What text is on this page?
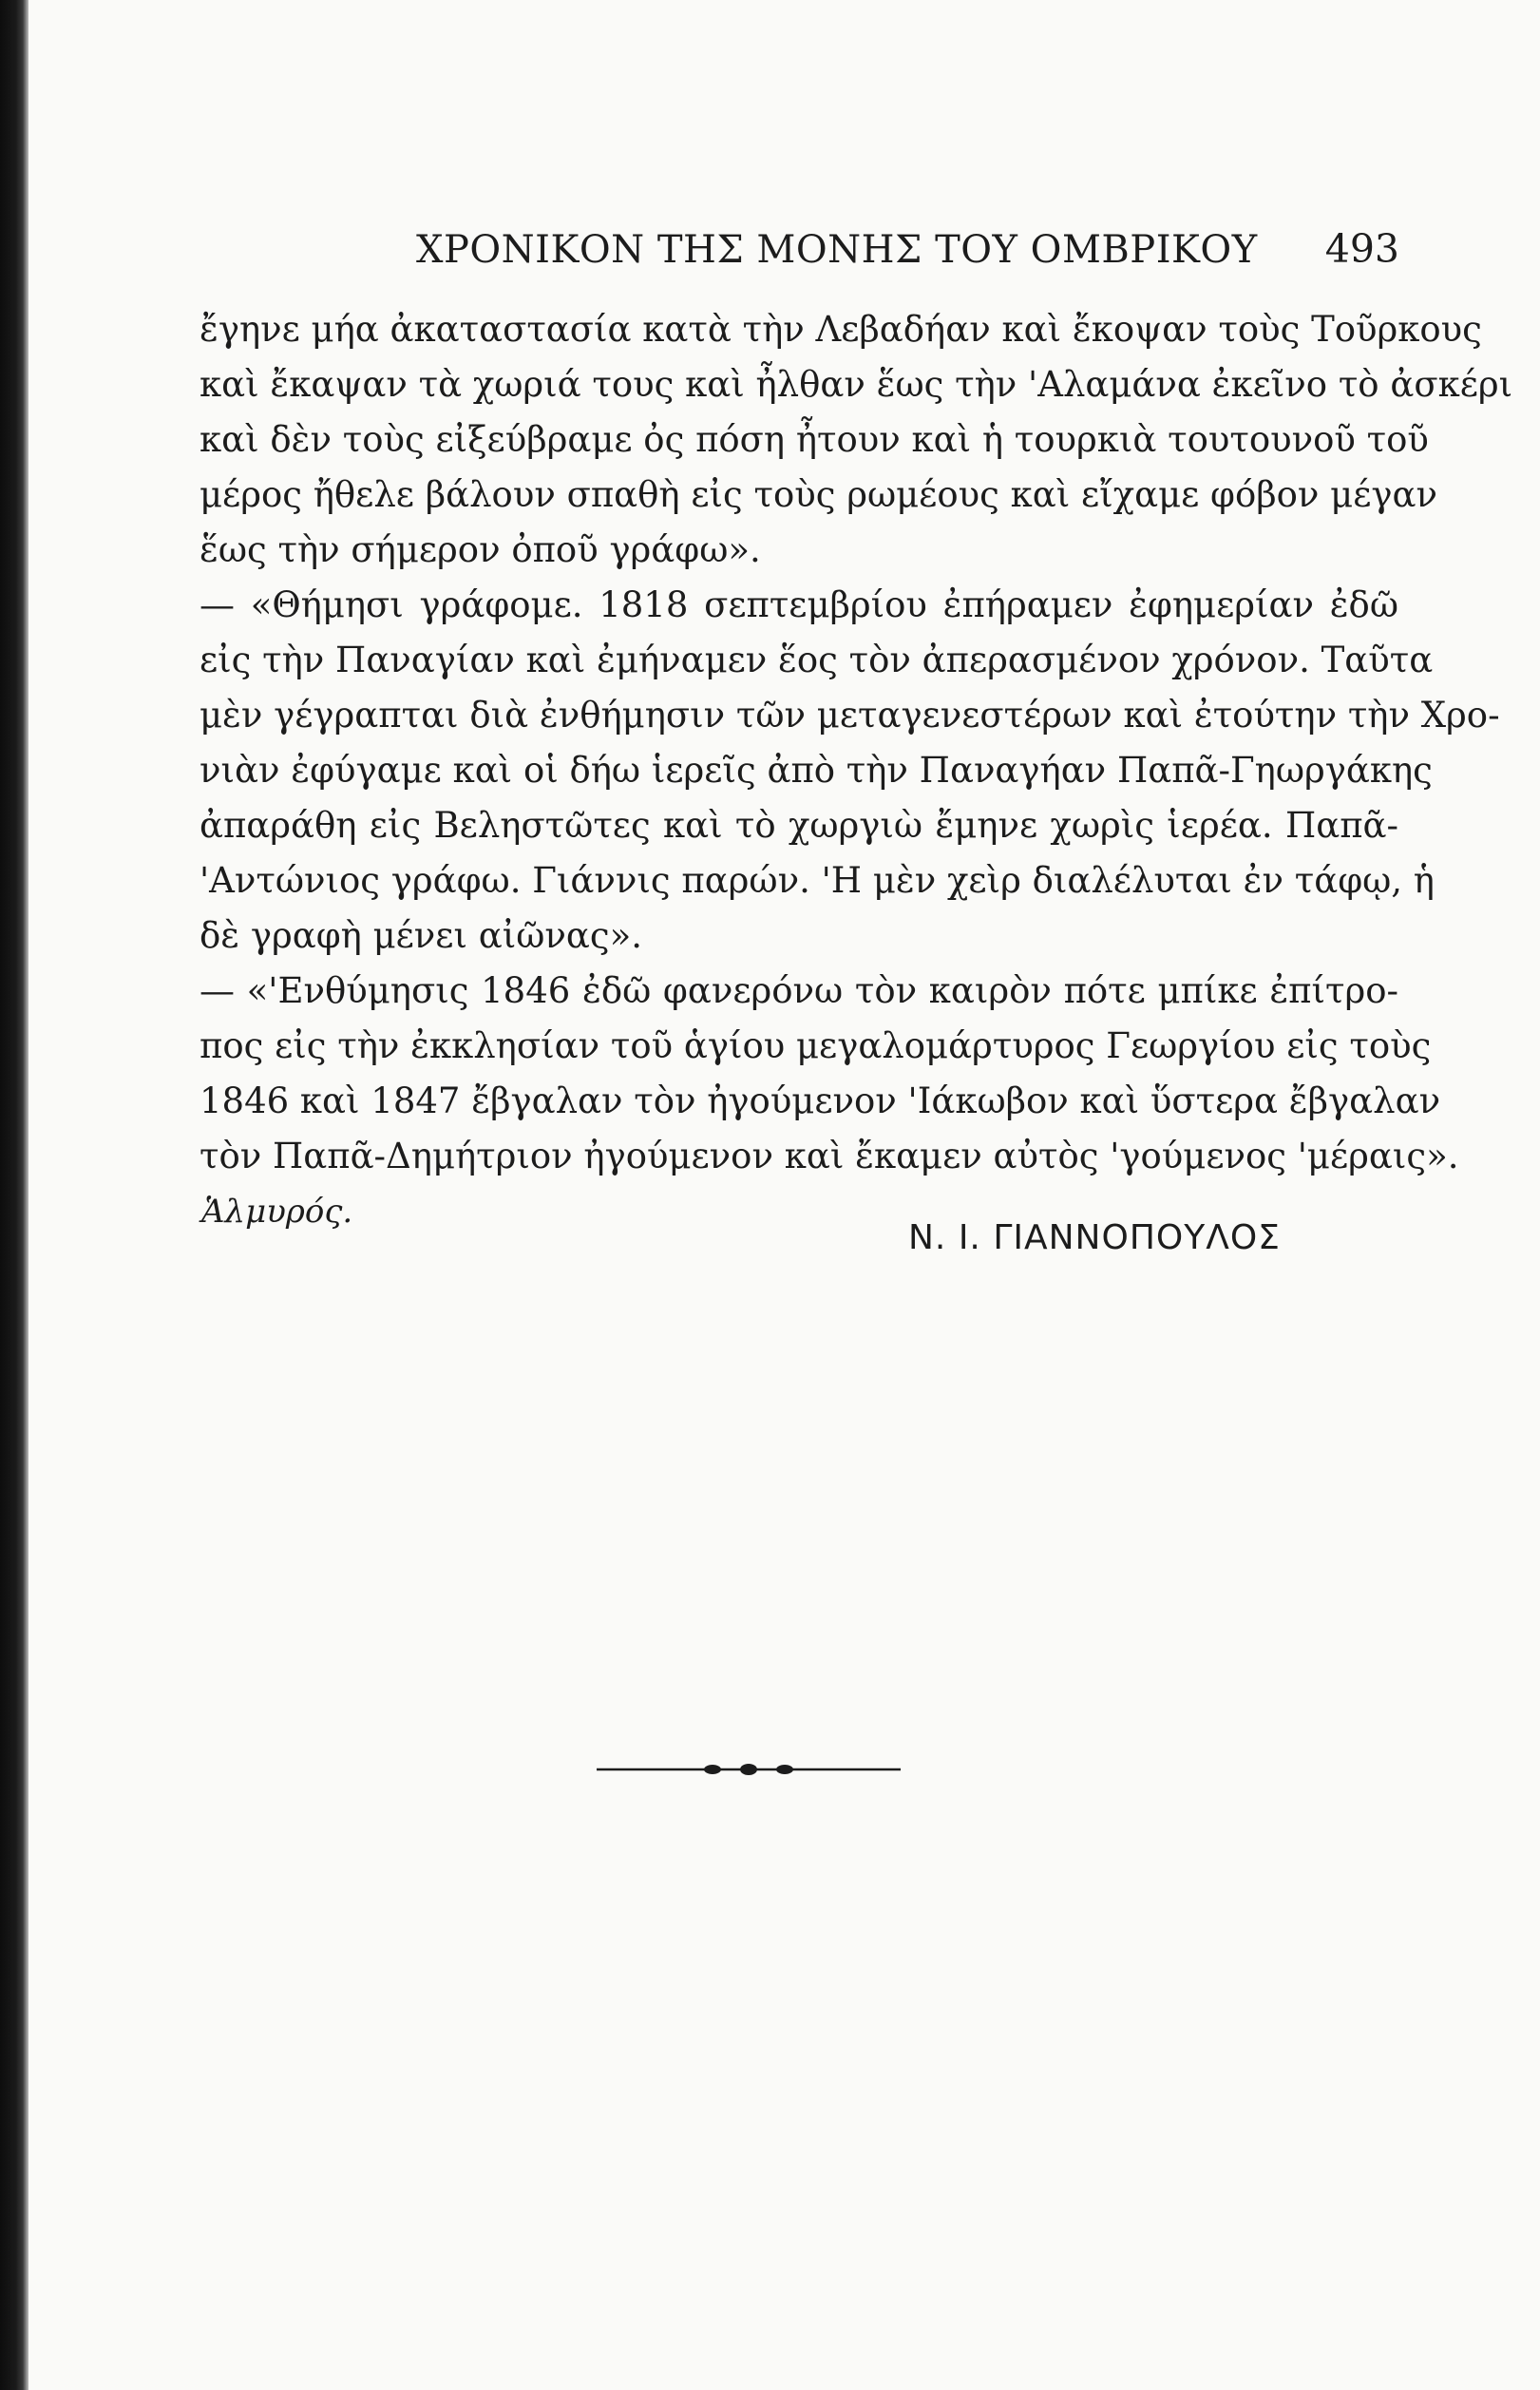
ΧΡΟΝΙΚΟΝ ΤΗΣ ΜΟΝΗΣ ΤΟΥ ΟΜΒΡΙΚΟΥ 493
ἔγηνε μήα ἀκαταστασία κατὰ τὴν Λεβαδήαν καὶ ἔκοψαν τοὺς Τοῦρκους
καὶ ἔκαψαν τὰ χωριά τους καὶ ἦλθαν ἕως τὴν 'Αλαμάνα ἐκεῖνο τὸ ἀσκέρι
καὶ δὲν τοὺς εἰξεύβραμε ὀς πόση ἦτουν καὶ ἡ τουρκιὰ τουτουνοῦ τοῦ
μέρος ἤθελε βάλουν σπαθὴ εἰς τοὺς ρωμέους καὶ εἴχαμε φόβον μέγαν
ἕως τὴν σήμερον ὀποῦ γράφω».
— «Θήμησι γράφομε. 1818 σεπτεμβρίου ἐπήραμεν ἐφημερίαν ἐδῶ
εἰς τὴν Παναγίαν καὶ ἐμήναμεν ἕος τὸν ἀπερασμένον χρόνον. Ταῦτα
μὲν γέγραπται διὰ ἐνθήμησιν τῶν μεταγενεστέρων καὶ ἐτούτην τὴν Χρο-
νιὰν ἐφύγαμε καὶ οἱ δήω ἱερεῖς ἀπὸ τὴν Παναγήαν Παπᾶ-Γηωργάκης
ἀπαράθη εἰς Βεληστῶτες καὶ τὸ χωργιὼ ἔμηνε χωρὶς ἱερέα. Παπᾶ-
'Αντώνιος γράφω. Γιάννις παρών. 'Η μὲν χεὶρ διαλέλυται ἐν τάφῳ, ἡ
δὲ γραφὴ μένει αἰῶνας».
— «'Ενθύμησις 1846 ἐδῶ φανερόνω τὸν καιρὸν πότε μπίκε ἐπίτρο-
πος εἰς τὴν ἐκκλησίαν τοῦ ἁγίου μεγαλομάρτυρος Γεωργίου εἰς τοὺς
1846 καὶ 1847 ἔβγαλαν τὸν ἠγούμενον 'Ιάκωβον καὶ ὕστερα ἔβγαλαν
τὸν Παπᾶ-Δημήτριον ἠγούμενον καὶ ἔκαμεν αὐτὸς 'γούμενος 'μέραις».
Ἁλμυρός.
Ν. Ι. ΓΙΑΝΝΟΠΟΥΛΟΣ
